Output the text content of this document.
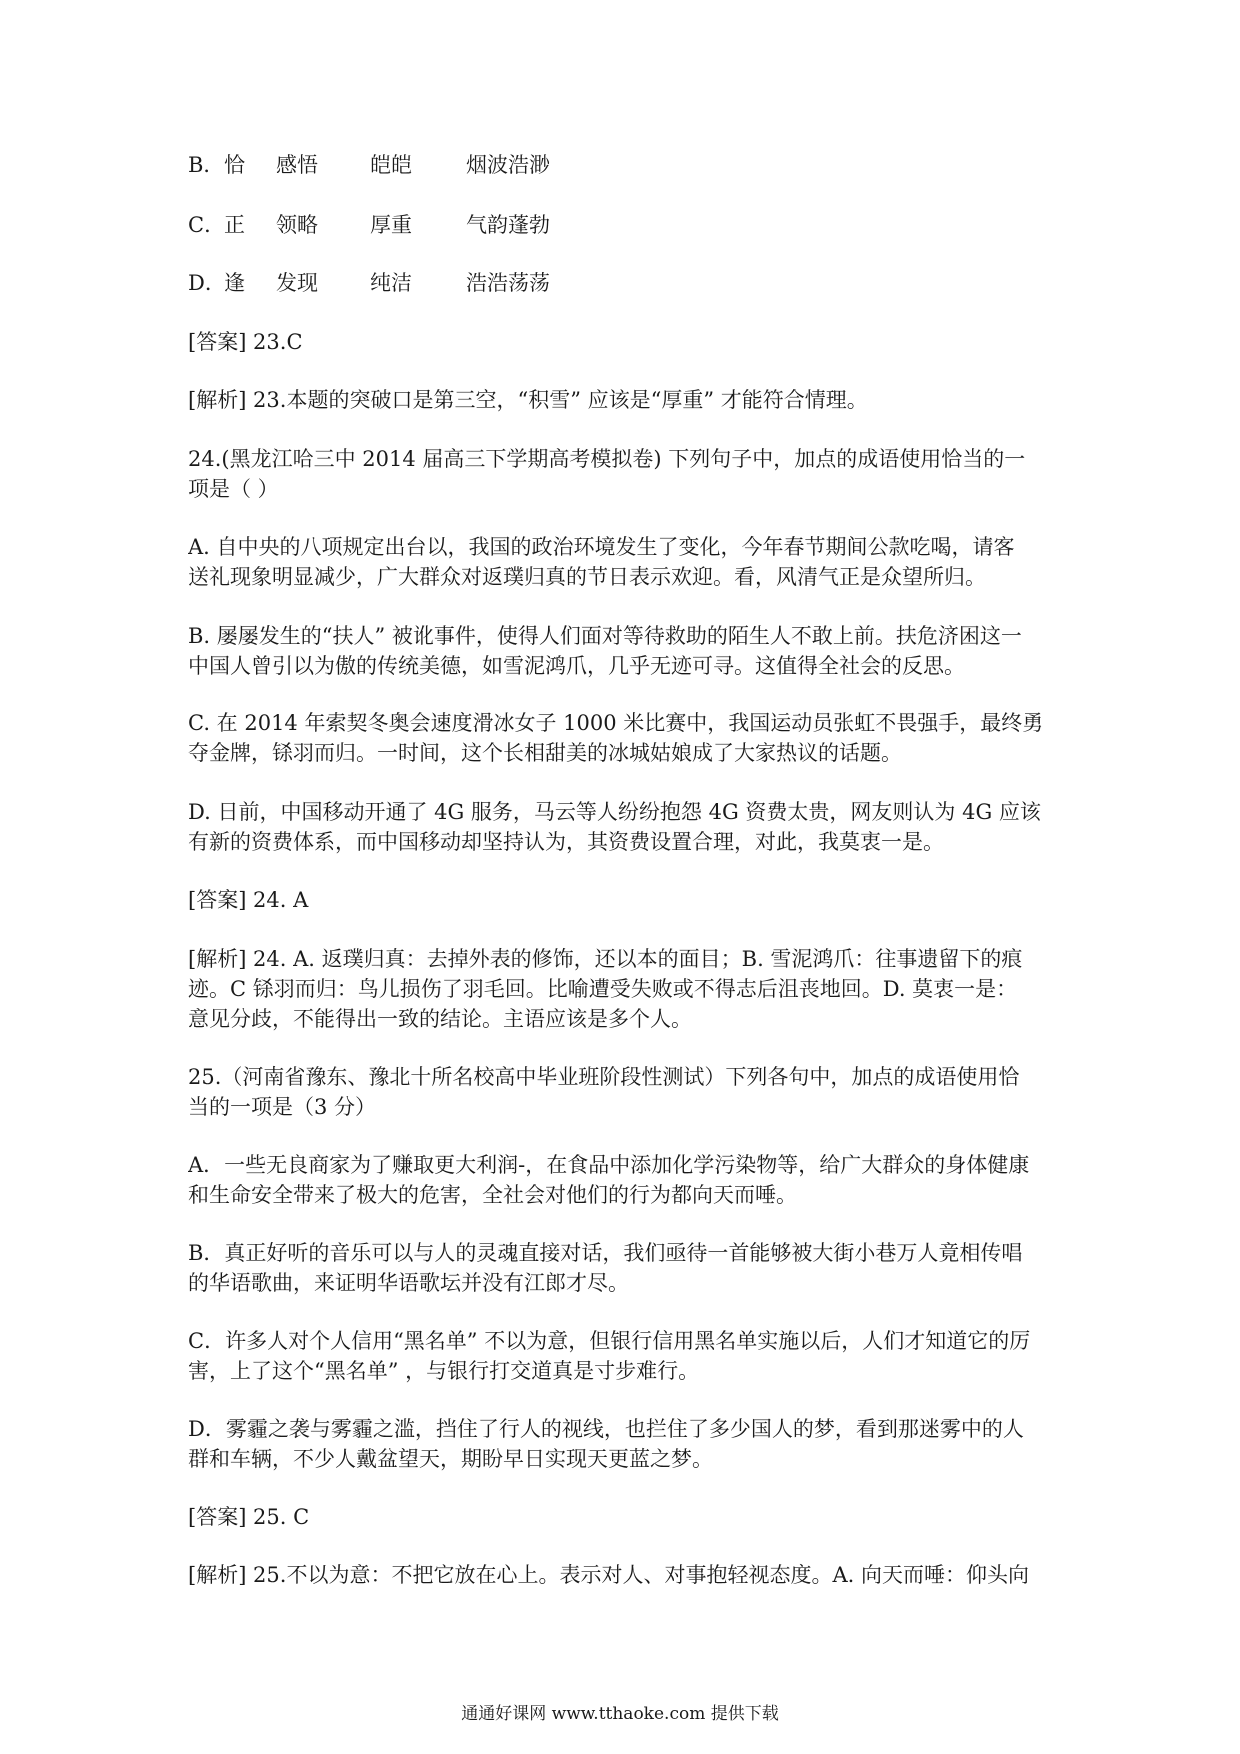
B．恰 感悟 皑皑	烟波浩渺
C．正 领略 厚重	气韵蓬勃
D．逢 发现 纯洁	浩浩荡荡
[答案] 23.C
[解析] 23.本题的突破口是第三空，“积雪” 应该是“厚重” 才能符合情理。
24.(黑龙江哈三中 2014 届高三下学期高考模拟卷) 下列句子中，加点的成语使用恰当的一
项是（ ）
A. 自中央的八项规定出台以，我国的政治环境发生了变化，今年春节期间公款吃喝，请客
送礼现象明显减少，广大群众对返璞归真的节日表示欢迎。看，风清气正是众望所归。
B. 屡屡发生的“扶人” 被讹事件，使得人们面对等待救助的陌生人不敢上前。扶危济困这一
中国人曾引以为傲的传统美德，如雪泥鸿爪，几乎无迹可寻。这值得全社会的反思。
C. 在 2014 年索契冬奥会速度滑冰女子 1000 米比赛中，我国运动员张虹不畏强手，最终勇
夺金牌，铩羽而归。一时间，这个长相甜美的冰城姑娘成了大家热议的话题。
D. 日前，中国移动开通了 4G 服务，马云等人纷纷抱怨 4G 资费太贵，网友则认为 4G 应该
有新的资费体系，而中国移动却坚持认为，其资费设置合理，对此，我莫衷一是。
[答案] 24. A
[解析] 24. A. 返璞归真：去掉外表的修饰，还以本的面目；B. 雪泥鸿爪：往事遗留下的痕
迹。C 铩羽而归：鸟儿损伤了羽毛回。比喻遭受失败或不得志后沮丧地回。D. 莫衷一是：
意见分歧，不能得出一致的结论。主语应该是多个人。
25.（河南省豫东、豫北十所名校高中毕业班阶段性测试）下列各句中，加点的成语使用恰
当的一项是（3 分）
A．一些无良商家为了赚取更大利润-，在食品中添加化学污染物等，给广大群众的身体健康
和生命安全带来了极大的危害，全社会对他们的行为都向天而唾。
B．真正好听的音乐可以与人的灵魂直接对话，我们亟待一首能够被大街小巷万人竟相传唱
的华语歌曲，来证明华语歌坛并没有江郎才尽。
C．许多人对个人信用“黑名单” 不以为意，但银行信用黑名单实施以后，人们才知道它的厉
害，上了这个“黑名单” ，与银行打交道真是寸步难行。
D．雾霾之袭与雾霾之滥，挡住了行人的视线，也拦住了多少国人的梦，看到那迷雾中的人
群和车辆，不少人戴盆望天，期盼早日实现天更蓝之梦。
[答案] 25. C
[解析] 25.不以为意：不把它放在心上。表示对人、对事抱轻视态度。A. 向天而唾：仰头向
通通好课网 www.tthaoke.com 提供下载
